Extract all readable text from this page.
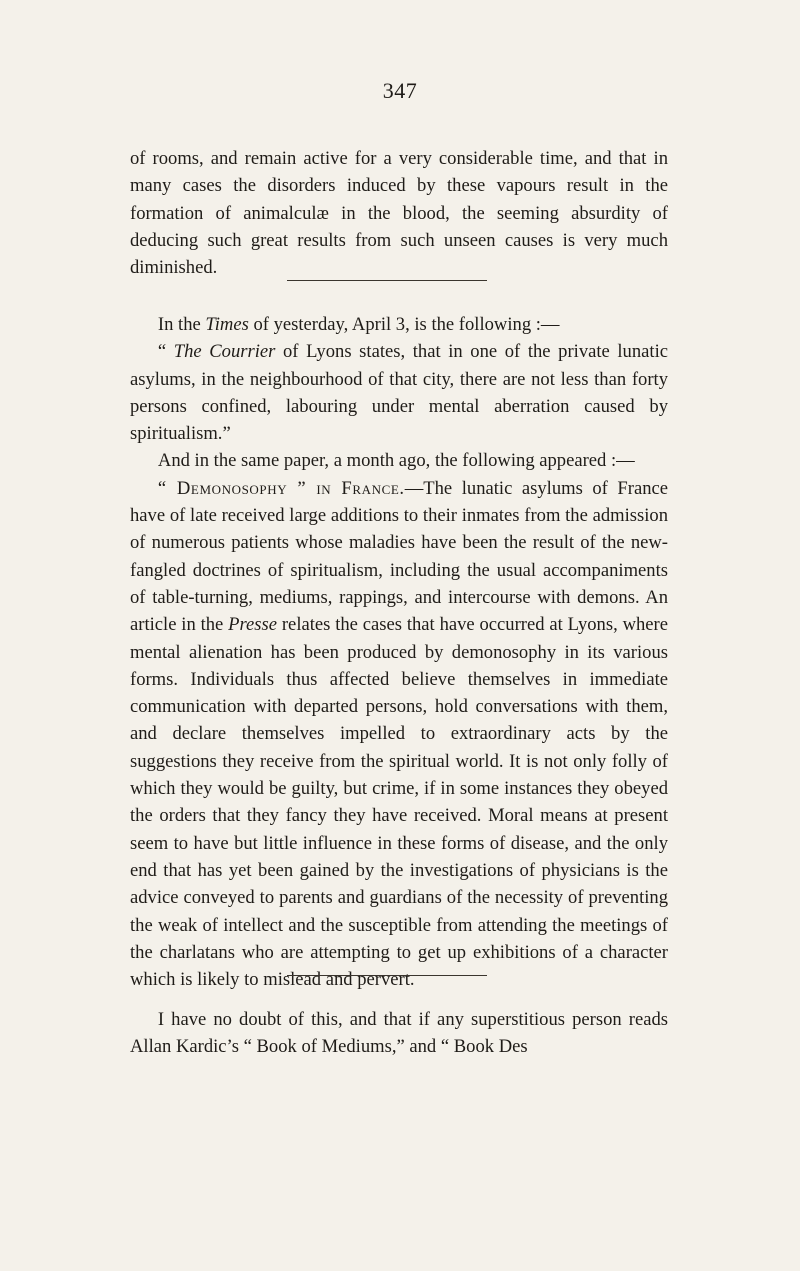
347

of rooms, and remain active for a very considerable time, and that in many cases the disorders induced by these vapours result in the formation of animalculæ in the blood, the seeming absurdity of deducing such great results from such unseen causes is very much diminished.

In the Times of yesterday, April 3, is the following :—

“ The Courrier of Lyons states, that in one of the private lunatic asylums, in the neighbourhood of that city, there are not less than forty persons confined, labouring under mental aberration caused by spiritualism.”

And in the same paper, a month ago, the following appeared :—

“ Demonosophy ” in France.—The lunatic asylums of France have of late received large additions to their inmates from the admission of numerous patients whose maladies have been the result of the new-fangled doctrines of spiritualism, including the usual accompaniments of table-turning, mediums, rappings, and intercourse with demons. An article in the Presse relates the cases that have occurred at Lyons, where mental alienation has been produced by demonosophy in its various forms. Individuals thus affected believe themselves in immediate communication with departed persons, hold conversations with them, and declare themselves impelled to extraordinary acts by the suggestions they receive from the spiritual world. It is not only folly of which they would be guilty, but crime, if in some instances they obeyed the orders that they fancy they have received. Moral means at present seem to have but little influence in these forms of disease, and the only end that has yet been gained by the investigations of physicians is the advice conveyed to parents and guardians of the necessity of preventing the weak of intellect and the susceptible from attending the meetings of the charlatans who are attempting to get up exhibitions of a character which is likely to mislead and pervert.

I have no doubt of this, and that if any superstitious person reads Allan Kardic’s “ Book of Mediums,” and “ Book Des
